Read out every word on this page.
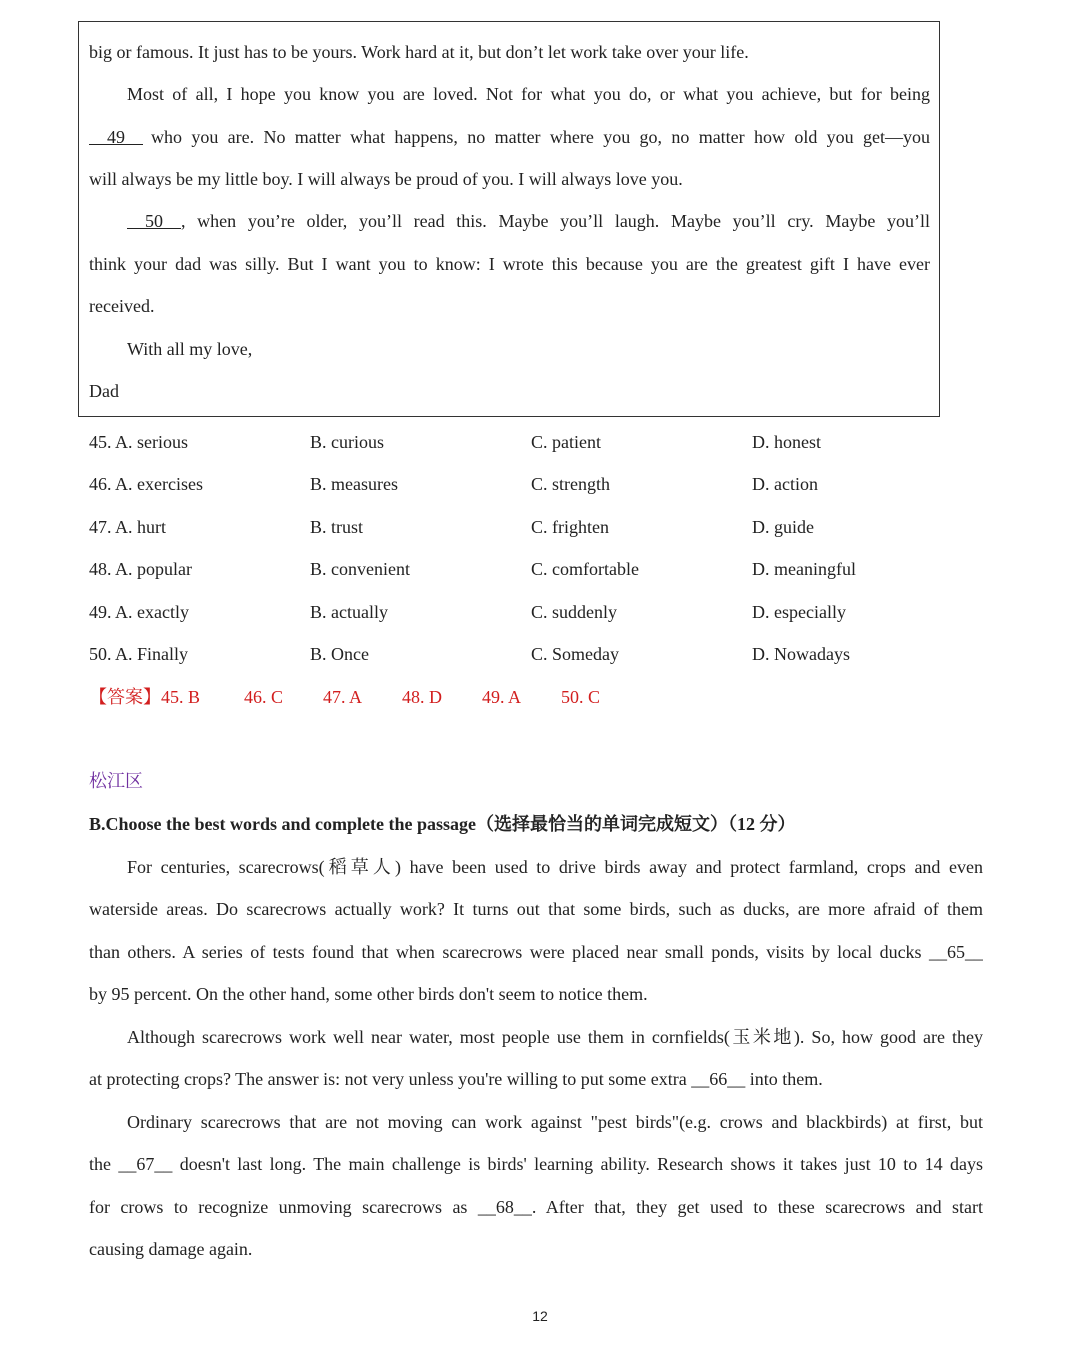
big or famous. It just has to be yours. Work hard at it, but don’t let work take over your life.
Most of all, I hope you know you are loved. Not for what you do, or what you achieve, but for being
49 who you are. No matter what happens, no matter where you go, no matter how old you get—you
will always be my little boy. I will always be proud of you. I will always love you.
50 , when you’re older, you’ll read this. Maybe you’ll laugh. Maybe you’ll cry. Maybe you’ll
think your dad was silly. But I want you to know: I wrote this because you are the greatest gift I have ever
received.
With all my love,
Dad
45. A. serious	B. curious	C. patient	D. honest
46. A. exercises	B. measures	C. strength	D. action
47. A. hurt	B. trust	C. frighten	D. guide
48. A. popular	B. convenient	C. comfortable	D. meaningful
49. A. exactly	B. actually	C. suddenly	D. especially
50. A. Finally	B. Once	C. Someday	D. Nowadays
【答案】45. B 46. C 47. A 48. D 49. A 50. C
松江区
B.Choose the best words and complete the passage（选择最恰当的单词完成短文）（12 分）
For centuries, scarecrows(稻草人) have been used to drive birds away and protect farmland, crops and even
waterside areas. Do scarecrows actually work? It turns out that some birds, such as ducks, are more afraid of them
than others. A series of tests found that when scarecrows were placed near small ponds, visits by local ducks __65__
by 95 percent. On the other hand, some other birds don't seem to notice them.
Although scarecrows work well near water, most people use them in cornfields(玉米地). So, how good are they
at protecting crops? The answer is: not very unless you're willing to put some extra __66__ into them.
Ordinary scarecrows that are not moving can work against "pest birds"(e.g. crows and blackbirds) at first, but
the __67__ doesn't last long. The main challenge is birds' learning ability. Research shows it takes just 10 to 14 days
for crows to recognize unmoving scarecrows as __68__. After that, they get used to these scarecrows and start
causing damage again.
12
